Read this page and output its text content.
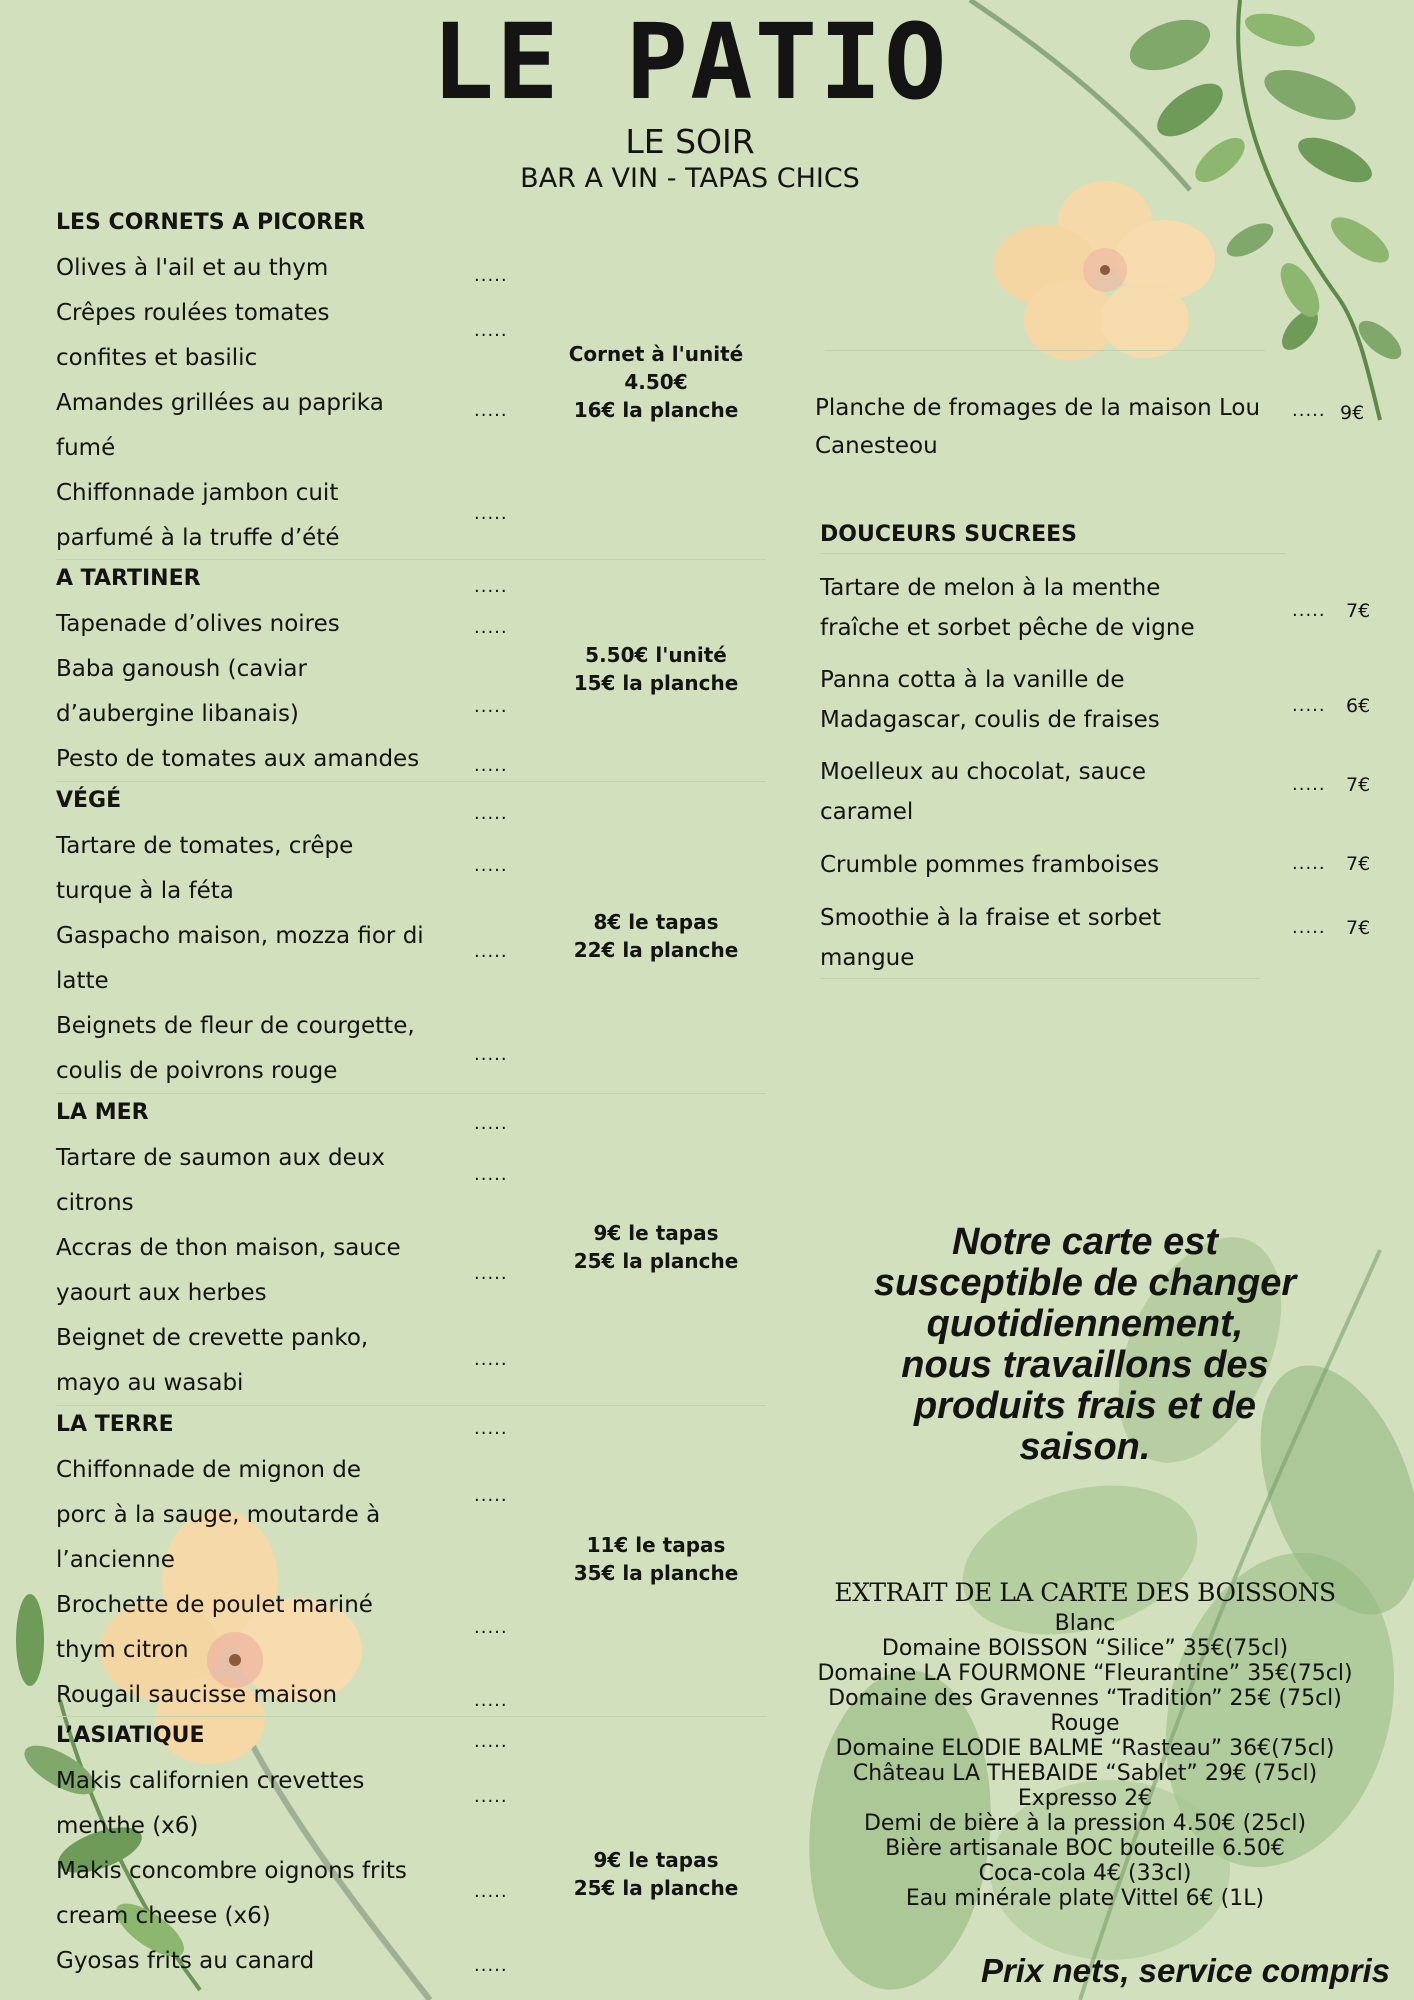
LE PATIO
LE SOIR
BAR A VIN - TAPAS CHICS
LES CORNETS A PICORER
Olives à l'ail et au thym
Crêpes roulées tomates
confites et basilic
Amandes grillées au paprika
fumé
Chiffonnade jambon cuit
parfumé à la truffe d’été
Cornet à l'unité
4.50€
16€ la planche
A TARTINER
Tapenade d’olives noires
Baba ganoush (caviar
d’aubergine libanais)
Pesto de tomates aux amandes
5.50€ l'unité
15€ la planche
VÉGÉ
Tartare de tomates, crêpe
turque à la féta
Gaspacho maison, mozza fior di
latte
Beignets de fleur de courgette,
coulis de poivrons rouge
8€ le tapas
22€ la planche
LA MER
Tartare de saumon aux deux
citrons
Accras de thon maison, sauce
yaourt aux herbes
Beignet de crevette panko,
mayo au wasabi
9€ le tapas
25€ la planche
LA TERRE
Chiffonnade de mignon de
porc à la sauge, moutarde à
l’ancienne
Brochette de poulet mariné
thym citron
Rougail saucisse maison
11€ le tapas
35€ la planche
L’ASIATIQUE
Makis californien crevettes
menthe (x6)
Makis concombre oignons frits
cream cheese (x6)
Gyosas frits au canard
9€ le tapas
25€ la planche
.....
.....
.....
.....
.....
.....
.....
.....
.....
.....
.....
.....
.....
.....
.....
.....
.....
.....
.....
.....
.....
.....
.....
.....
Planche de fromages de la maison Lou
Canesteou
..... 9€
DOUCEURS SUCREES
Tartare de melon à la menthe
fraîche et sorbet pêche de vigne
..... 7€
Panna cotta à la vanille de
Madagascar, coulis de fraises
..... 6€
Moelleux au chocolat, sauce
caramel
..... 7€
Crumble pommes framboises	..... 7€
Smoothie à la fraise et sorbet
mangue
..... 7€
Notre carte est
susceptible de changer
quotidiennement,
nous travaillons des
produits frais et de
saison.
EXTRAIT DE LA CARTE DES BOISSONS
Blanc
Domaine BOISSON “Silice” 35€(75cl)
Domaine LA FOURMONE “Fleurantine” 35€(75cl)
Domaine des Gravennes “Tradition” 25€ (75cl)
Rouge
Domaine ELODIE BALME “Rasteau” 36€(75cl)
Château LA THEBAIDE “Sablet” 29€ (75cl)
Expresso 2€
Demi de bière à la pression 4.50€ (25cl)
Bière artisanale BOC bouteille 6.50€
Coca-cola 4€ (33cl)
Eau minérale plate Vittel 6€ (1L)
Prix nets, service compris
